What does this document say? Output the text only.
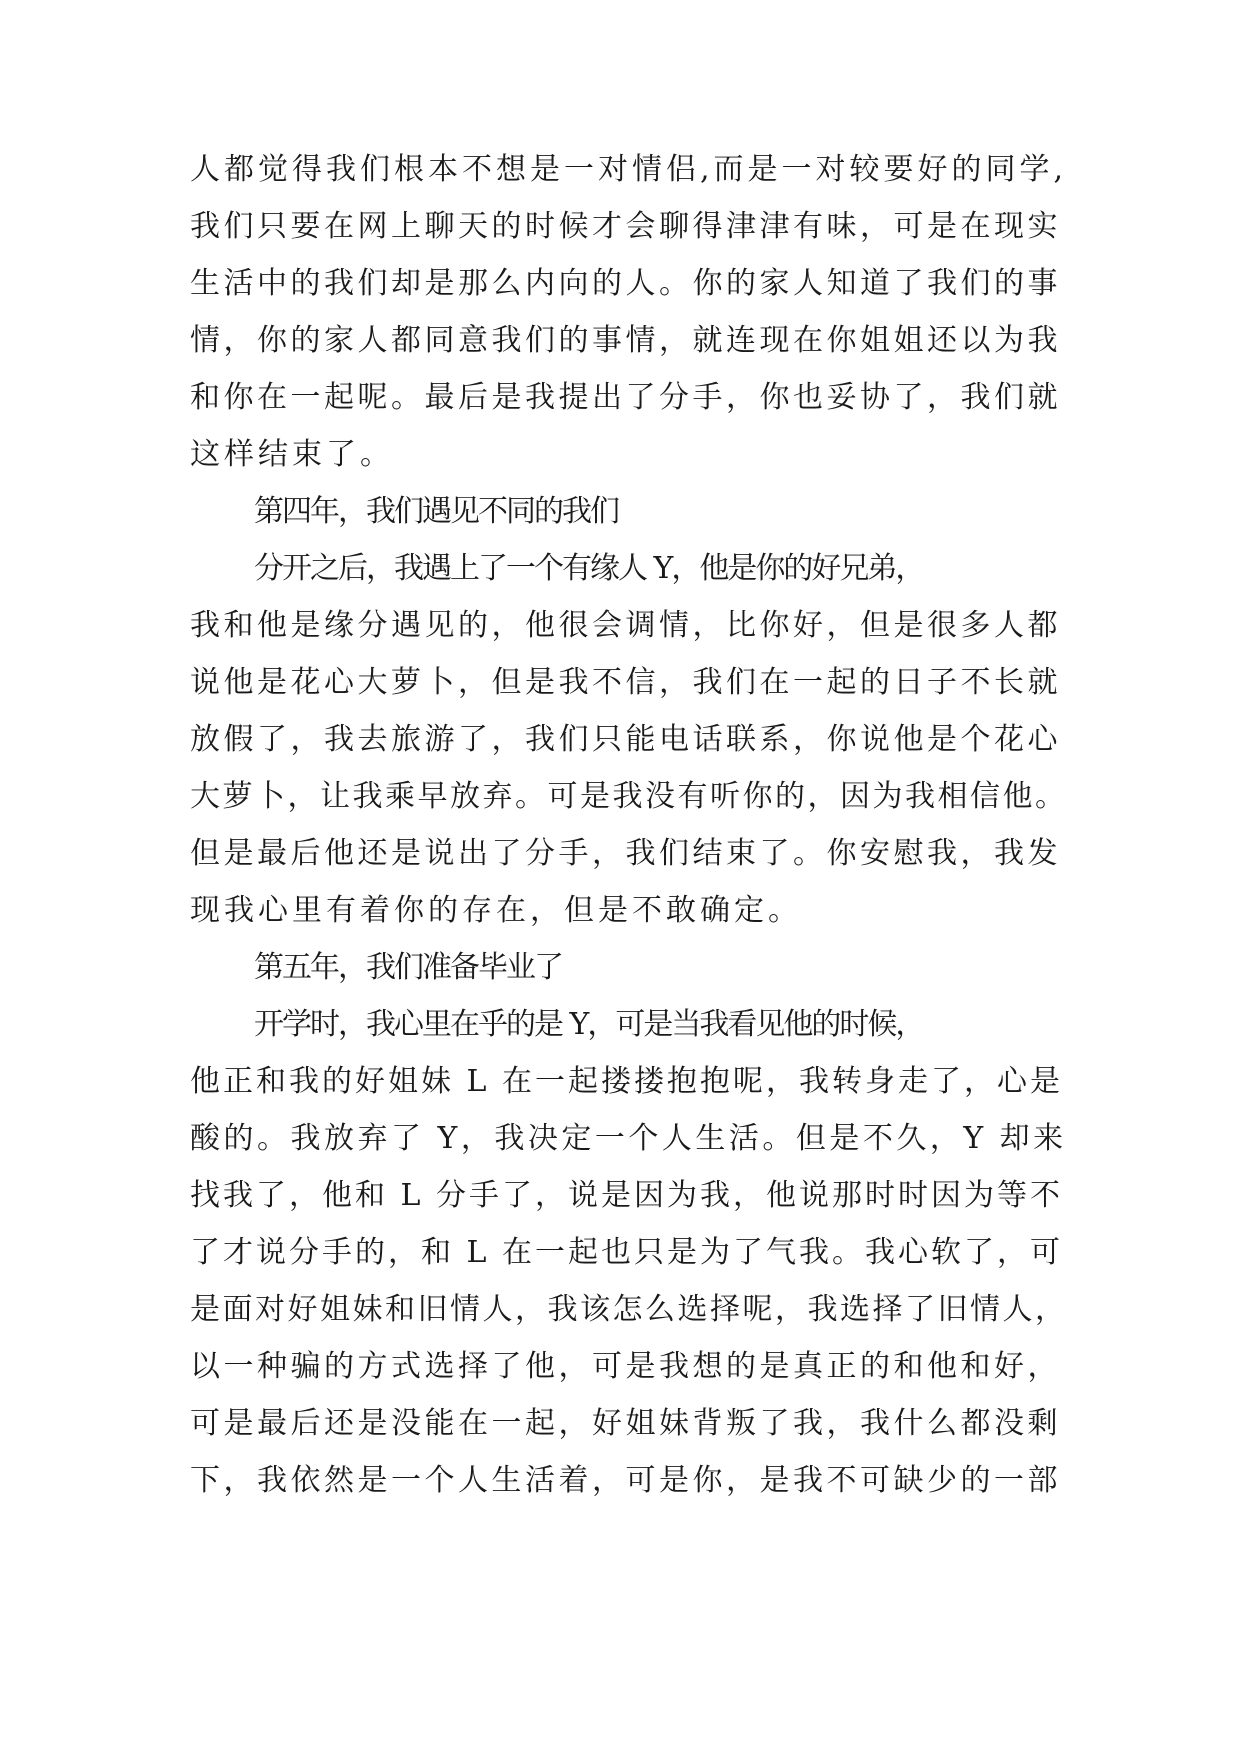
人都觉得我们根本不想是一对情侣,而是一对较要好的同学,
我们只要在网上聊天的时候才会聊得津津有味，可是在现实
生活中的我们却是那么内向的人。你的家人知道了我们的事
情，你的家人都同意我们的事情，就连现在你姐姐还以为我
和你在一起呢。最后是我提出了分手，你也妥协了，我们就
这样结束了。
第四年，我们遇见不同的我们
分开之后，我遇上了一个有缘人 Y，他是你的好兄弟，
我和他是缘分遇见的，他很会调情，比你好，但是很多人都
说他是花心大萝卜，但是我不信，我们在一起的日子不长就
放假了，我去旅游了，我们只能电话联系，你说他是个花心
大萝卜，让我乘早放弃。可是我没有听你的，因为我相信他。
但是最后他还是说出了分手，我们结束了。你安慰我，我发
现我心里有着你的存在，但是不敢确定。
第五年，我们准备毕业了
开学时，我心里在乎的是 Y，可是当我看见他的时候，
他正和我的好姐妹 L 在一起搂搂抱抱呢，我转身走了，心是
酸的。我放弃了 Y，我决定一个人生活。但是不久，Y 却来
找我了，他和 L 分手了，说是因为我，他说那时时因为等不
了才说分手的，和 L 在一起也只是为了气我。我心软了，可
是面对好姐妹和旧情人，我该怎么选择呢，我选择了旧情人，
以一种骗的方式选择了他，可是我想的是真正的和他和好，
可是最后还是没能在一起，好姐妹背叛了我，我什么都没剩
下，我依然是一个人生活着，可是你，是我不可缺少的一部
